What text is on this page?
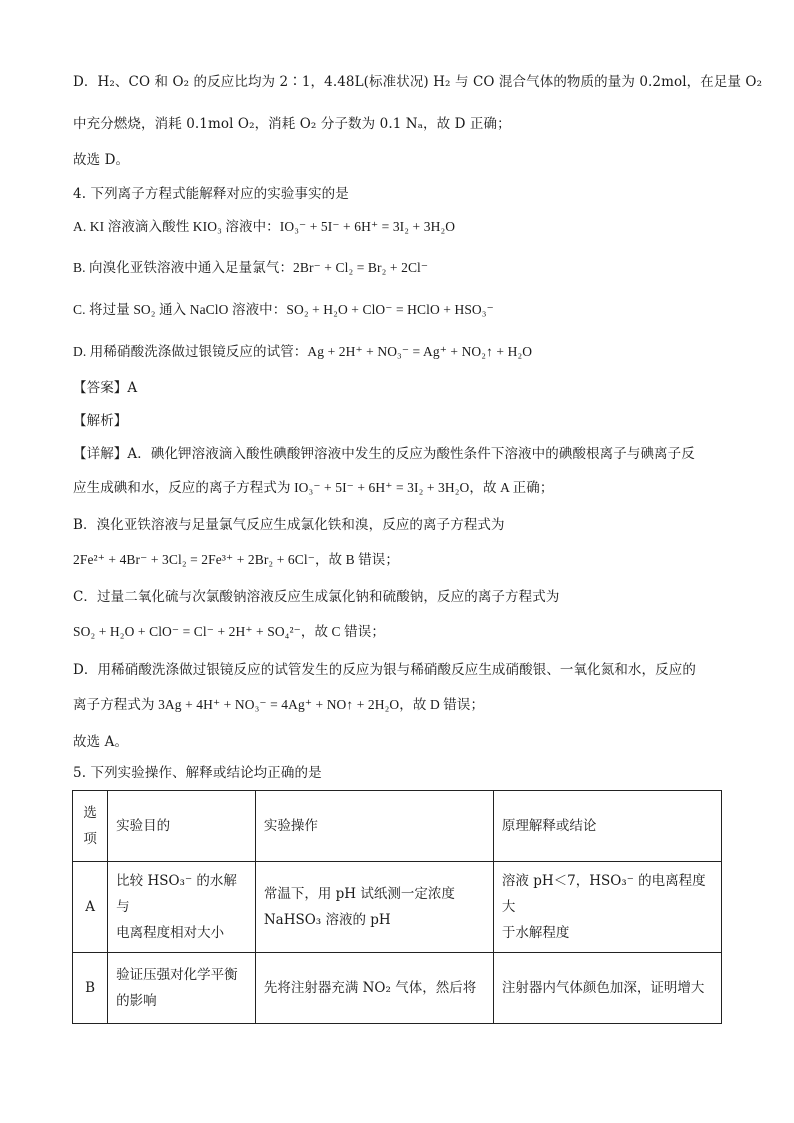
D．H₂、CO 和 O₂ 的反应比均为 2∶1，4.48L(标准状况) H₂ 与 CO 混合气体的物质的量为 0.2mol，在足量 O₂
中充分燃烧，消耗 0.1mol O₂，消耗 O₂ 分子数为 0.1 Nₐ，故 D 正确；
故选 D。
4. 下列离子方程式能解释对应的实验事实的是
A. KI 溶液滴入酸性 KIO₃ 溶液中：IO₃⁻ + 5I⁻ + 6H⁺ = 3I₂ + 3H₂O
B. 向溴化亚铁溶液中通入足量氯气：2Br⁻ + Cl₂ = Br₂ + 2Cl⁻
C. 将过量 SO₂ 通入 NaClO 溶液中：SO₂ + H₂O + ClO⁻ = HClO + HSO₃⁻
D. 用稀硝酸洗涤做过银镜反应的试管：Ag + 2H⁺ + NO₃⁻ = Ag⁺ + NO₂↑ + H₂O
【答案】A
【解析】
【详解】A．碘化钾溶液滴入酸性碘酸钾溶液中发生的反应为酸性条件下溶液中的碘酸根离子与碘离子反
应生成碘和水，反应的离子方程式为 IO₃⁻ + 5I⁻ + 6H⁺ = 3I₂ + 3H₂O，故 A 正确；
B．溴化亚铁溶液与足量氯气反应生成氯化铁和溴，反应的离子方程式为
2Fe²⁺ + 4Br⁻ + 3Cl₂ = 2Fe³⁺ + 2Br₂ + 6Cl⁻，故 B 错误；
C．过量二氧化硫与次氯酸钠溶液反应生成氯化钠和硫酸钠，反应的离子方程式为
SO₂ + H₂O + ClO⁻ = Cl⁻ + 2H⁺ + SO₄²⁻，故 C 错误；
D．用稀硝酸洗涤做过银镜反应的试管发生的反应为银与稀硝酸反应生成硝酸银、一氧化氮和水，反应的
离子方程式为 3Ag + 4H⁺ + NO₃⁻ = 4Ag⁺ + NO↑ + 2H₂O，故 D 错误；
故选 A。
5. 下列实验操作、解释或结论均正确的是
选
项	实验目的	实验操作	原理解释或结论
A	比较 HSO₃⁻ 的水解与
电离程度相对大小	常温下，用 pH 试纸测一定浓度
NaHSO₃ 溶液的 pH	溶液 pH＜7，HSO₃⁻ 的电离程度大
于水解程度
B	验证压强对化学平衡
的影响	先将注射器充满 NO₂ 气体，然后将	注射器内气体颜色加深，证明增大
